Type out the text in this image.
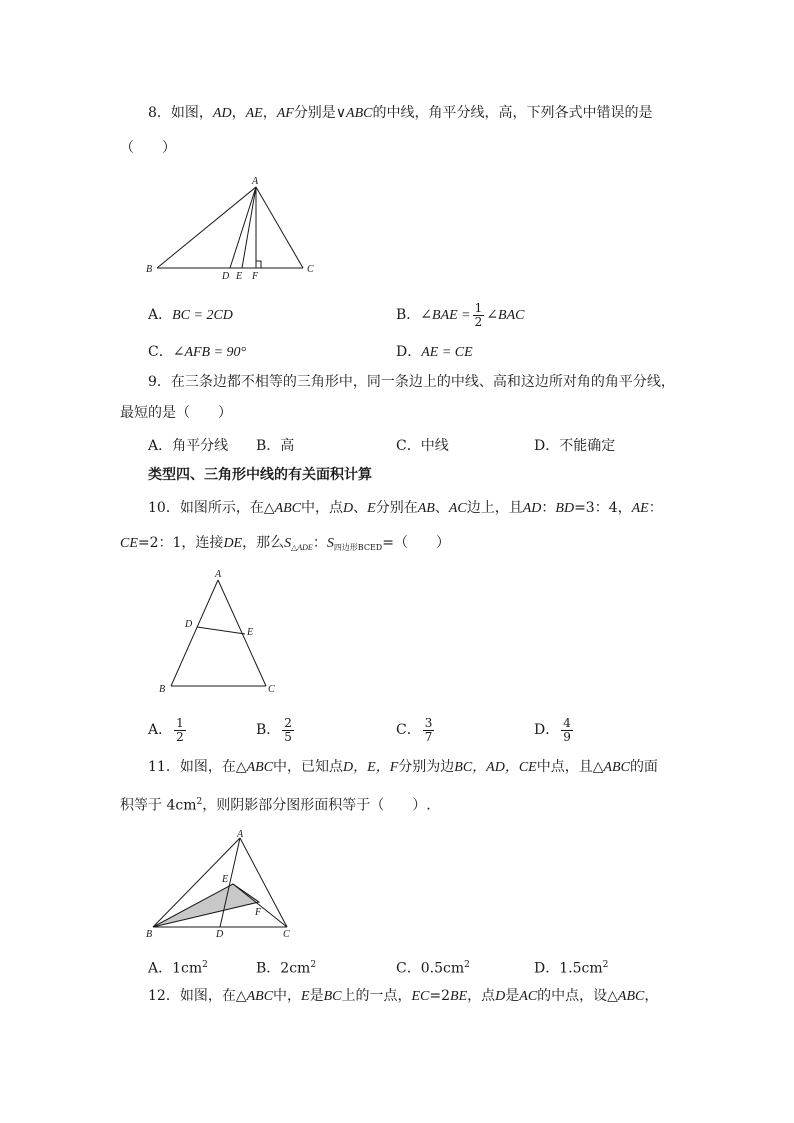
8．如图，AD，AE，AF分别是∨ABC的中线，角平分线，高，下列各式中错误的是
（　　）
A
B	C
D E F
A．BC = 2CD	B．∠BAE = $\frac{1}{2}$ ∠BAC
C．∠AFB = 90°	D．AE = CE
9．在三条边都不相等的三角形中，同一条边上的中线、高和这边所对角的角平分线，
最短的是（　　）
A．角平分线 B．高	C．中线	D．不能确定
类型四、三角形中线的有关面积计算
10．如图所示，在△ABC中，点D、E分别在AB、AC边上，且AD：BD=3：4，AE：
CE=2：1，连接DE，那么$S_{\triangle ADE}$：$S_{四边形BCED}=$（　　）
A
B	C
D
E
A． $\frac{1}{2}$	B． $\frac{2}{5}$	C． $\frac{3}{7}$	D． $\frac{4}{9}$
11．如图，在△ABC中，已知点D，E，F分别为边BC，AD，CE中点，且△ABC的面
积等于 $4cm^2$，则阴影部分图形面积等于（　　）.
A
B	C
D
E
F
A．$1cm^2$	B．$2cm^2$	C．$0.5cm^2$	D．$1.5cm^2$
12．如图，在△ABC中，E是BC上的一点，EC=2BE，点D是AC的中点，设△ABC，
